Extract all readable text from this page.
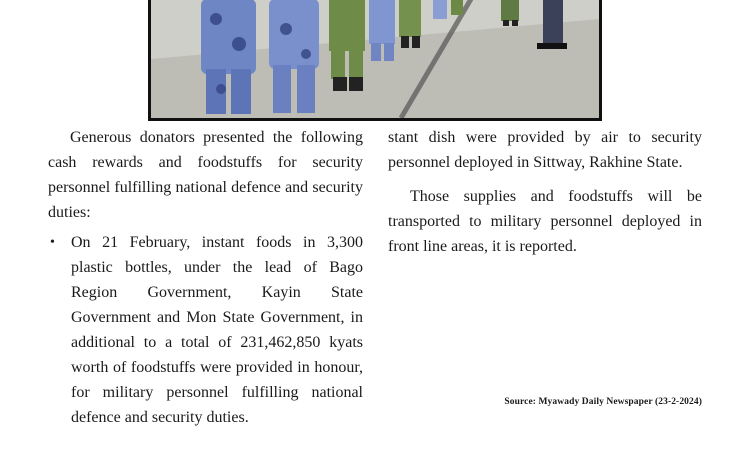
Generous donators presented the following cash rewards and foodstuffs for security personnel fulfilling national defence and security duties:

• On 21 February, instant foods in 3,300 plastic bottles, under the lead of Bago Region Government, Kayin State Government and Mon State Government, in additional to a total of 231,462,850 kyats worth of foodstuffs were provided in honour, for military personnel fulfilling national defence and security duties.

stant dish were provided by air to security personnel deployed in Sittway, Rakhine State.

Those supplies and foodstuffs will be transported to military personnel deployed in front line areas, it is reported.

Source: Myawady Daily Newspaper (23-2-2024)
